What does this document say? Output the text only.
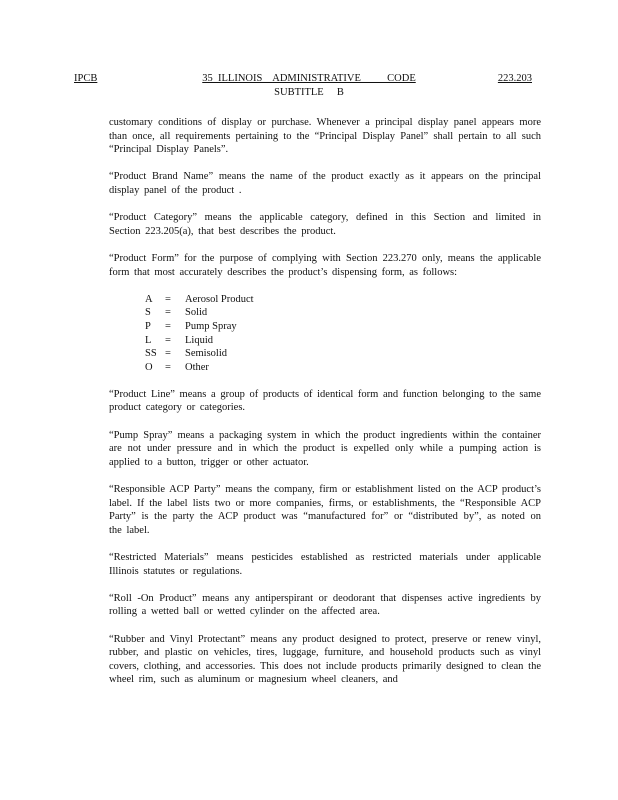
IPCB	35  ILLINOIS    ADMINISTRATIVE          CODE	223.203
SUBTITLE     B

customary conditions of display or purchase. Whenever a principal display panel appears more than once, all requirements pertaining to the “Principal Display Panel” shall pertain to all such “Principal Display Panels”.

“Product Brand Name” means the name of the product exactly as it appears on the principal display panel of the product .

“Product Category” means the applicable category, defined in this Section and limited in Section 223.205(a), that best describes the product.

“Product Form” for the purpose of complying with Section 223.270 only, means the applicable form that most accurately describes the product’s dispensing form, as follows:

A	=	Aerosol Product
S	=	Solid
P	=	Pump Spray
L	=	Liquid
SS =	Semisolid
O	=	Other

“Product Line” means a group of products of identical form and function belonging to the same product category or categories.

“Pump Spray” means a packaging system in which the product ingredients within the container are not under pressure and in which the product is expelled only while a pumping action is applied to a button, trigger or other actuator.

“Responsible ACP Party” means the company, firm or establishment listed on the ACP product’s label. If the label lists two or more companies, firms, or establishments, the “Responsible ACP Party” is the party the ACP product was “manufactured for” or “distributed by”, as noted on the label.

“Restricted Materials” means pesticides established as restricted materials under applicable Illinois statutes or regulations.

“Roll -On Product” means any antiperspirant or deodorant that dispenses active ingredients by rolling a wetted ball or wetted cylinder on the affected area.

“Rubber and Vinyl Protectant” means any product designed to protect, preserve or renew vinyl, rubber, and plastic on vehicles, tires, luggage, furniture, and household products such as vinyl covers, clothing, and accessories. This does not include products primarily designed to clean the wheel rim, such as aluminum or magnesium wheel cleaners, and
